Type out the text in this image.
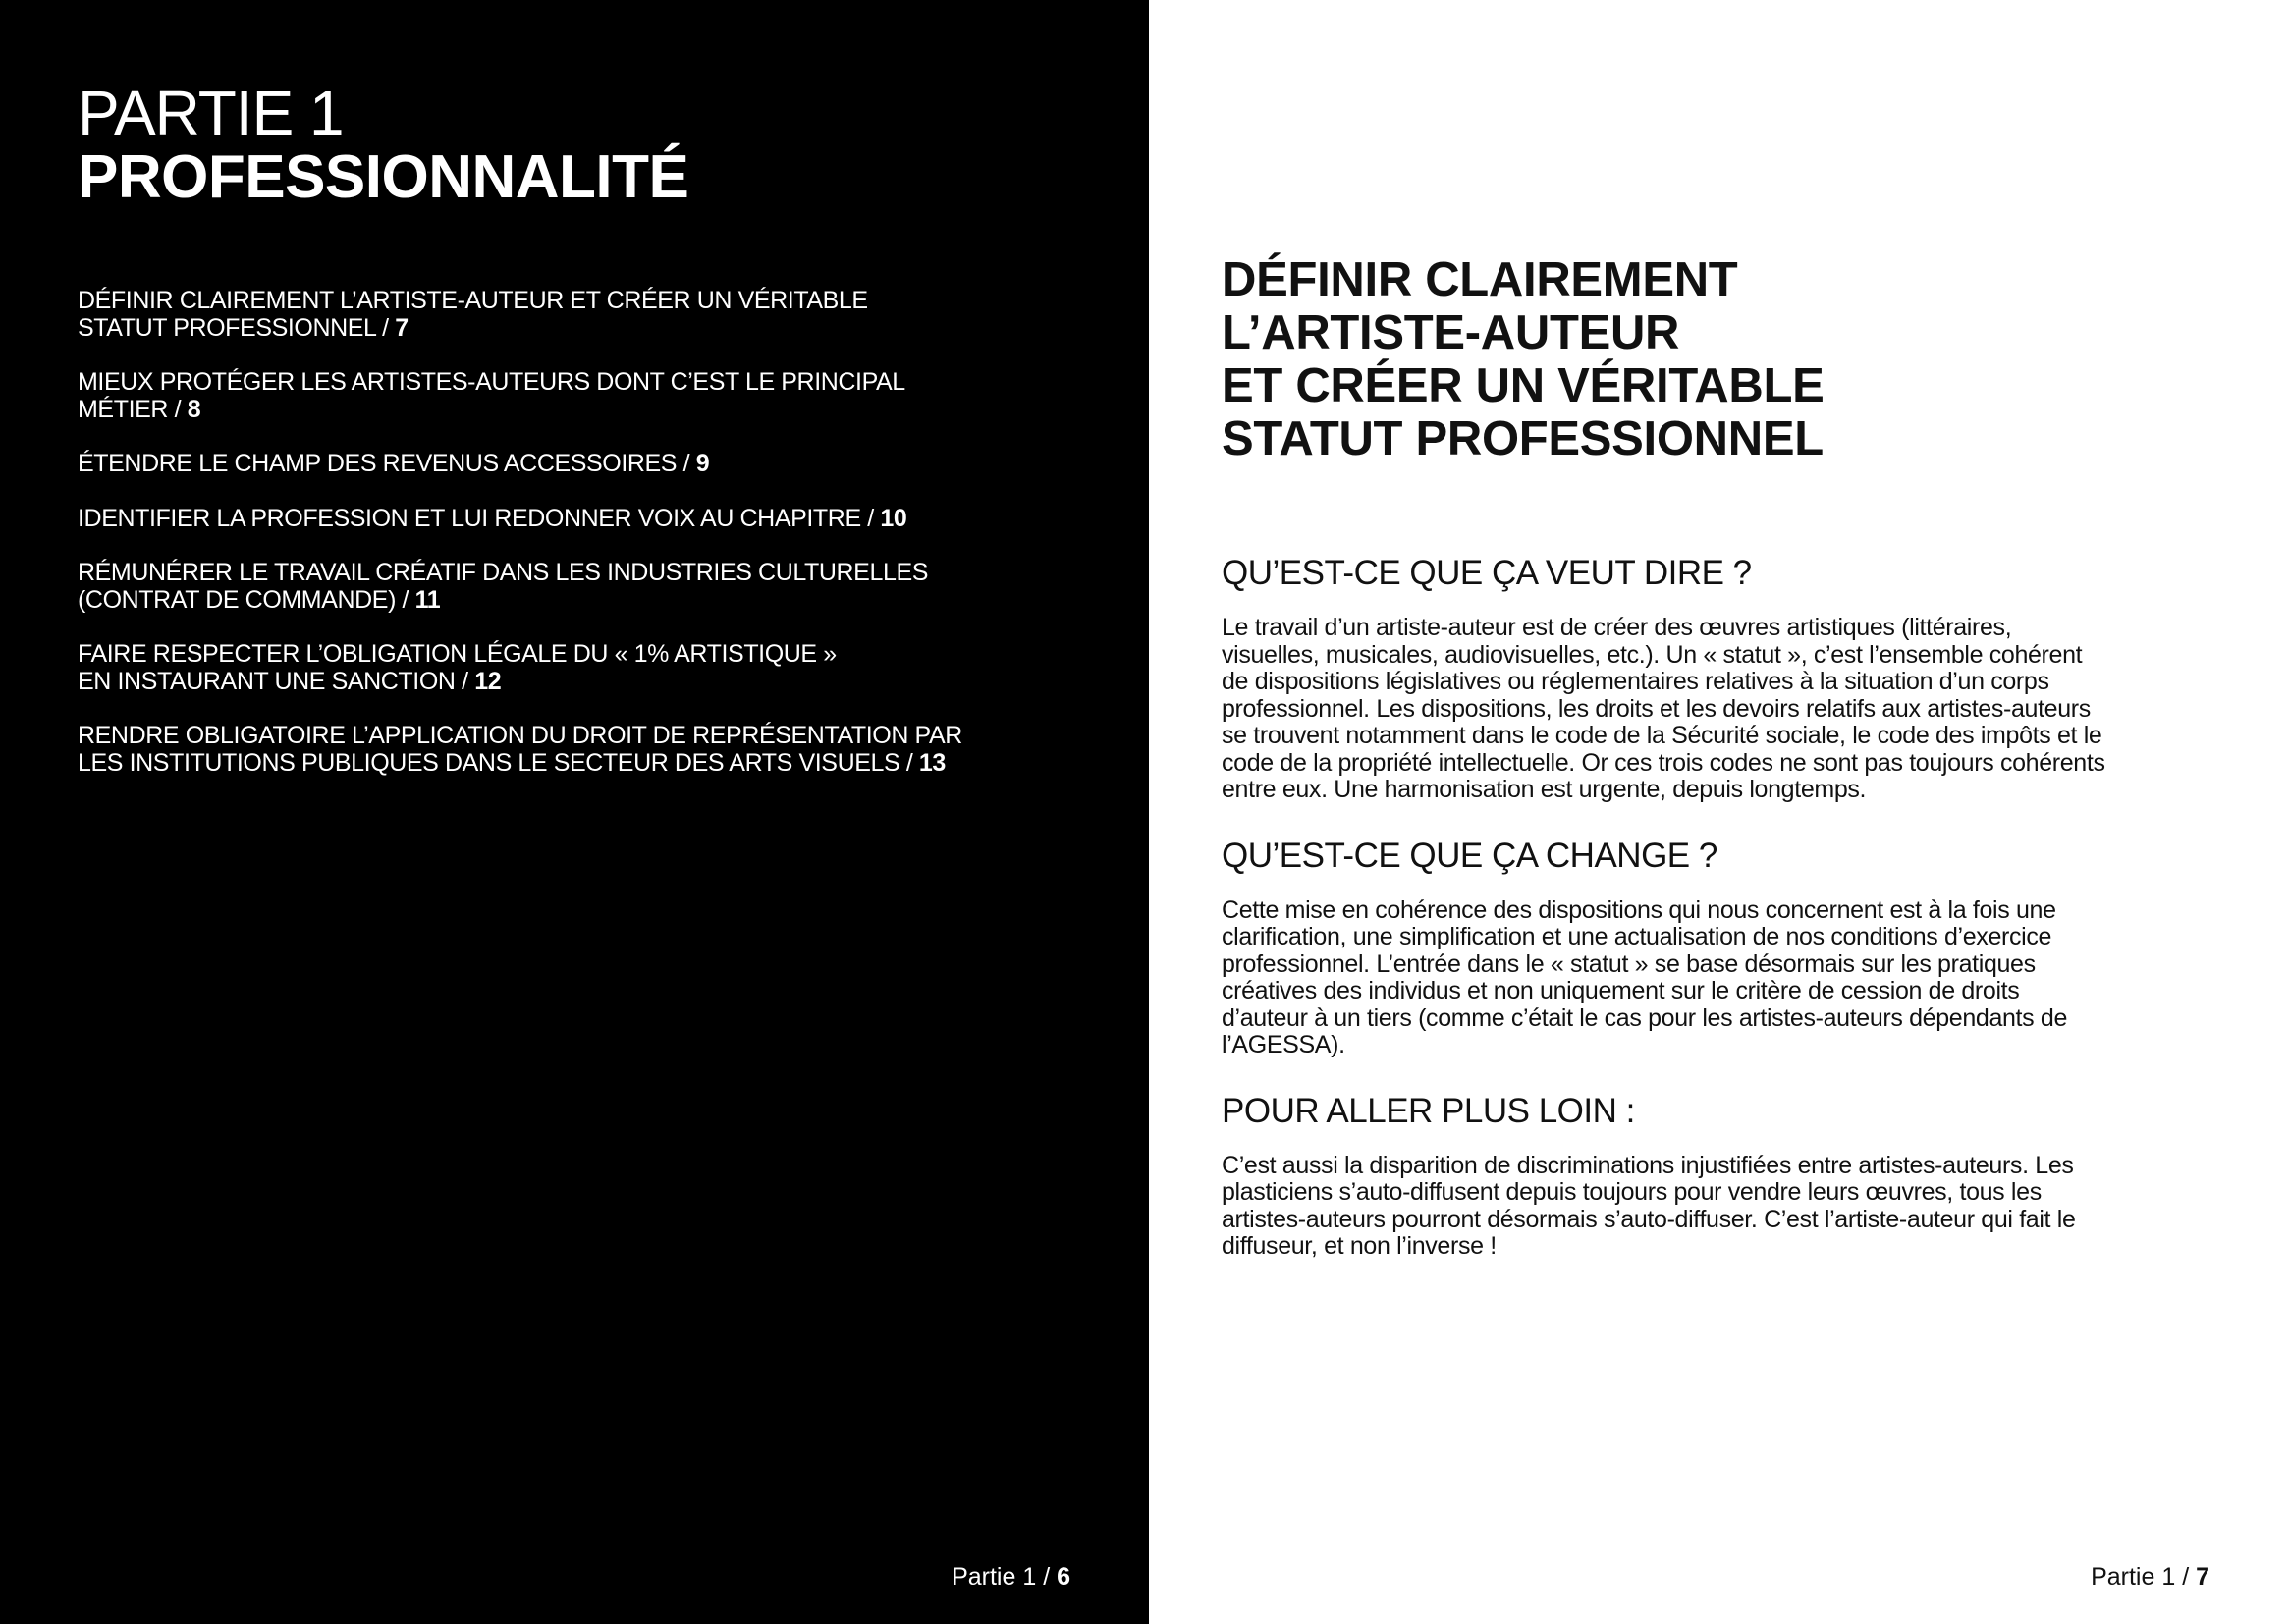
PARTIE 1
PROFESSIONNALITÉ
DÉFINIR CLAIREMENT L’ARTISTE-AUTEUR ET CRÉER UN VÉRITABLE
STATUT PROFESSIONNEL / 7
MIEUX PROTÉGER LES ARTISTES-AUTEURS DONT C’EST LE PRINCIPAL
MÉTIER / 8
ÉTENDRE LE CHAMP DES REVENUS ACCESSOIRES / 9
IDENTIFIER LA PROFESSION ET LUI REDONNER VOIX AU CHAPITRE / 10
RÉMUNÉRER LE TRAVAIL CRÉATIF DANS LES INDUSTRIES CULTURELLES
(CONTRAT DE COMMANDE) / 11
FAIRE RESPECTER L’OBLIGATION LÉGALE DU « 1% ARTISTIQUE »
EN INSTAURANT UNE SANCTION / 12
RENDRE OBLIGATOIRE L’APPLICATION DU DROIT DE REPRÉSENTATION PAR
LES INSTITUTIONS PUBLIQUES DANS LE SECTEUR DES ARTS VISUELS / 13
Partie 1 / 6
DÉFINIR CLAIREMENT
L’ARTISTE-AUTEUR
ET CRÉER UN VÉRITABLE
STATUT PROFESSIONNEL
QU’EST-CE QUE ÇA VEUT DIRE ?

Le travail d’un artiste-auteur est de créer des œuvres artistiques (littéraires,
visuelles, musicales, audiovisuelles, etc.). Un « statut », c’est l’ensemble cohérent
de dispositions législatives ou réglementaires relatives à la situation d’un corps
professionnel. Les dispositions, les droits et les devoirs relatifs aux artistes-auteurs
se trouvent notamment dans le code de la Sécurité sociale, le code des impôts et le
code de la propriété intellectuelle. Or ces trois codes ne sont pas toujours cohérents
entre eux. Une harmonisation est urgente, depuis longtemps.

QU’EST-CE QUE ÇA CHANGE ?

Cette mise en cohérence des dispositions qui nous concernent est à la fois une
clarification, une simplification et une actualisation de nos conditions d’exercice
professionnel. L’entrée dans le « statut » se base désormais sur les pratiques
créatives des individus et non uniquement sur le critère de cession de droits
d’auteur à un tiers (comme c’était le cas pour les artistes-auteurs dépendants de
l’AGESSA).

POUR ALLER PLUS LOIN :

C’est aussi la disparition de discriminations injustifiées entre artistes-auteurs. Les
plasticiens s’auto-diffusent depuis toujours pour vendre leurs œuvres, tous les
artistes-auteurs pourront désormais s’auto-diffuser. C’est l’artiste-auteur qui fait le
diffuseur, et non l’inverse !

Partie 1 / 7
